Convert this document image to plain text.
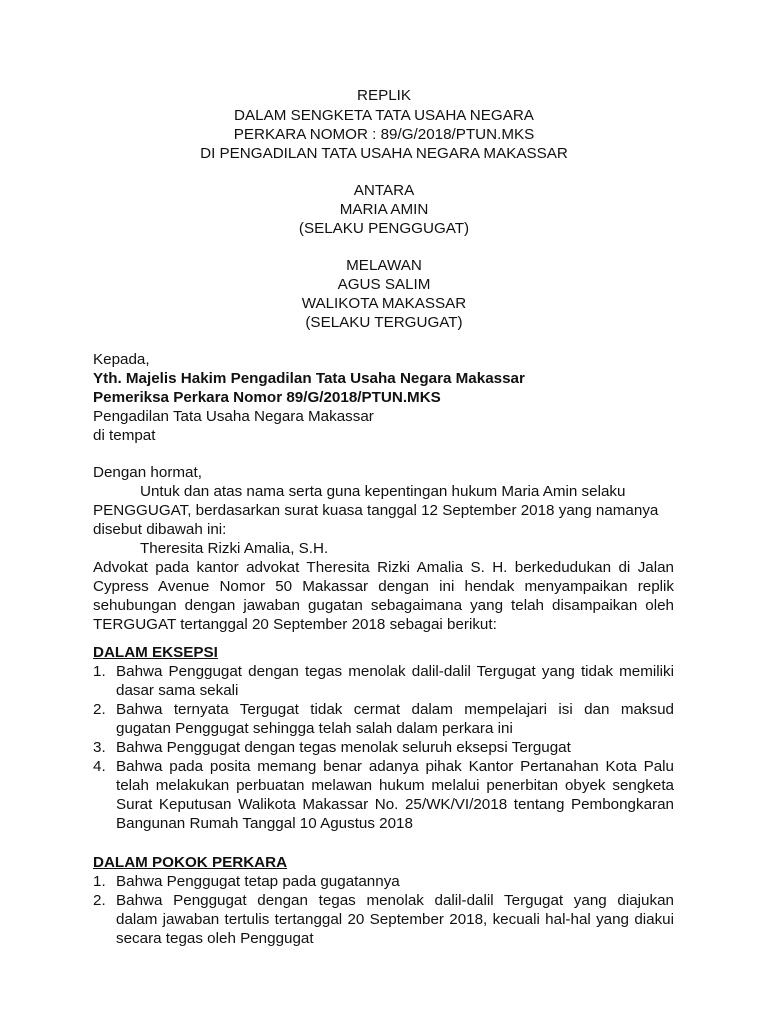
REPLIK
DALAM SENGKETA TATA USAHA NEGARA
PERKARA NOMOR : 89/G/2018/PTUN.MKS
DI PENGADILAN TATA USAHA NEGARA MAKASSAR
ANTARA
MARIA AMIN
(SELAKU PENGGUGAT)
MELAWAN
AGUS SALIM
WALIKOTA MAKASSAR
(SELAKU TERGUGAT)
Kepada,
Yth. Majelis Hakim Pengadilan Tata Usaha Negara Makassar
Pemeriksa Perkara Nomor 89/G/2018/PTUN.MKS
Pengadilan Tata Usaha Negara Makassar
di tempat
Dengan hormat,
Untuk dan atas nama serta guna kepentingan hukum Maria Amin selaku
PENGGUGAT, berdasarkan surat kuasa tanggal 12 September 2018 yang namanya
disebut dibawah ini:
Theresita Rizki Amalia, S.H.
Advokat pada kantor advokat Theresita Rizki Amalia S. H. berkedudukan di Jalan
Cypress Avenue Nomor 50 Makassar dengan ini hendak menyampaikan replik
sehubungan dengan jawaban gugatan sebagaimana yang telah disampaikan oleh
TERGUGAT tertanggal 20 September 2018 sebagai berikut:
DALAM EKSEPSI
1. Bahwa Penggugat dengan tegas menolak dalil-dalil Tergugat yang tidak memiliki
dasar sama sekali
2. Bahwa ternyata Tergugat tidak cermat dalam mempelajari isi dan maksud
gugatan Penggugat sehingga telah salah dalam perkara ini
3. Bahwa Penggugat dengan tegas menolak seluruh eksepsi Tergugat
4. Bahwa pada posita memang benar adanya pihak Kantor Pertanahan Kota Palu
telah melakukan perbuatan melawan hukum melalui penerbitan obyek sengketa
Surat Keputusan Walikota Makassar No. 25/WK/VI/2018 tentang Pembongkaran
Bangunan Rumah Tanggal 10 Agustus 2018
DALAM POKOK PERKARA
1. Bahwa Penggugat tetap pada gugatannya
2. Bahwa Penggugat dengan tegas menolak dalil-dalil Tergugat yang diajukan
dalam jawaban tertulis tertanggal 20 September 2018, kecuali hal-hal yang diakui
secara tegas oleh Penggugat
